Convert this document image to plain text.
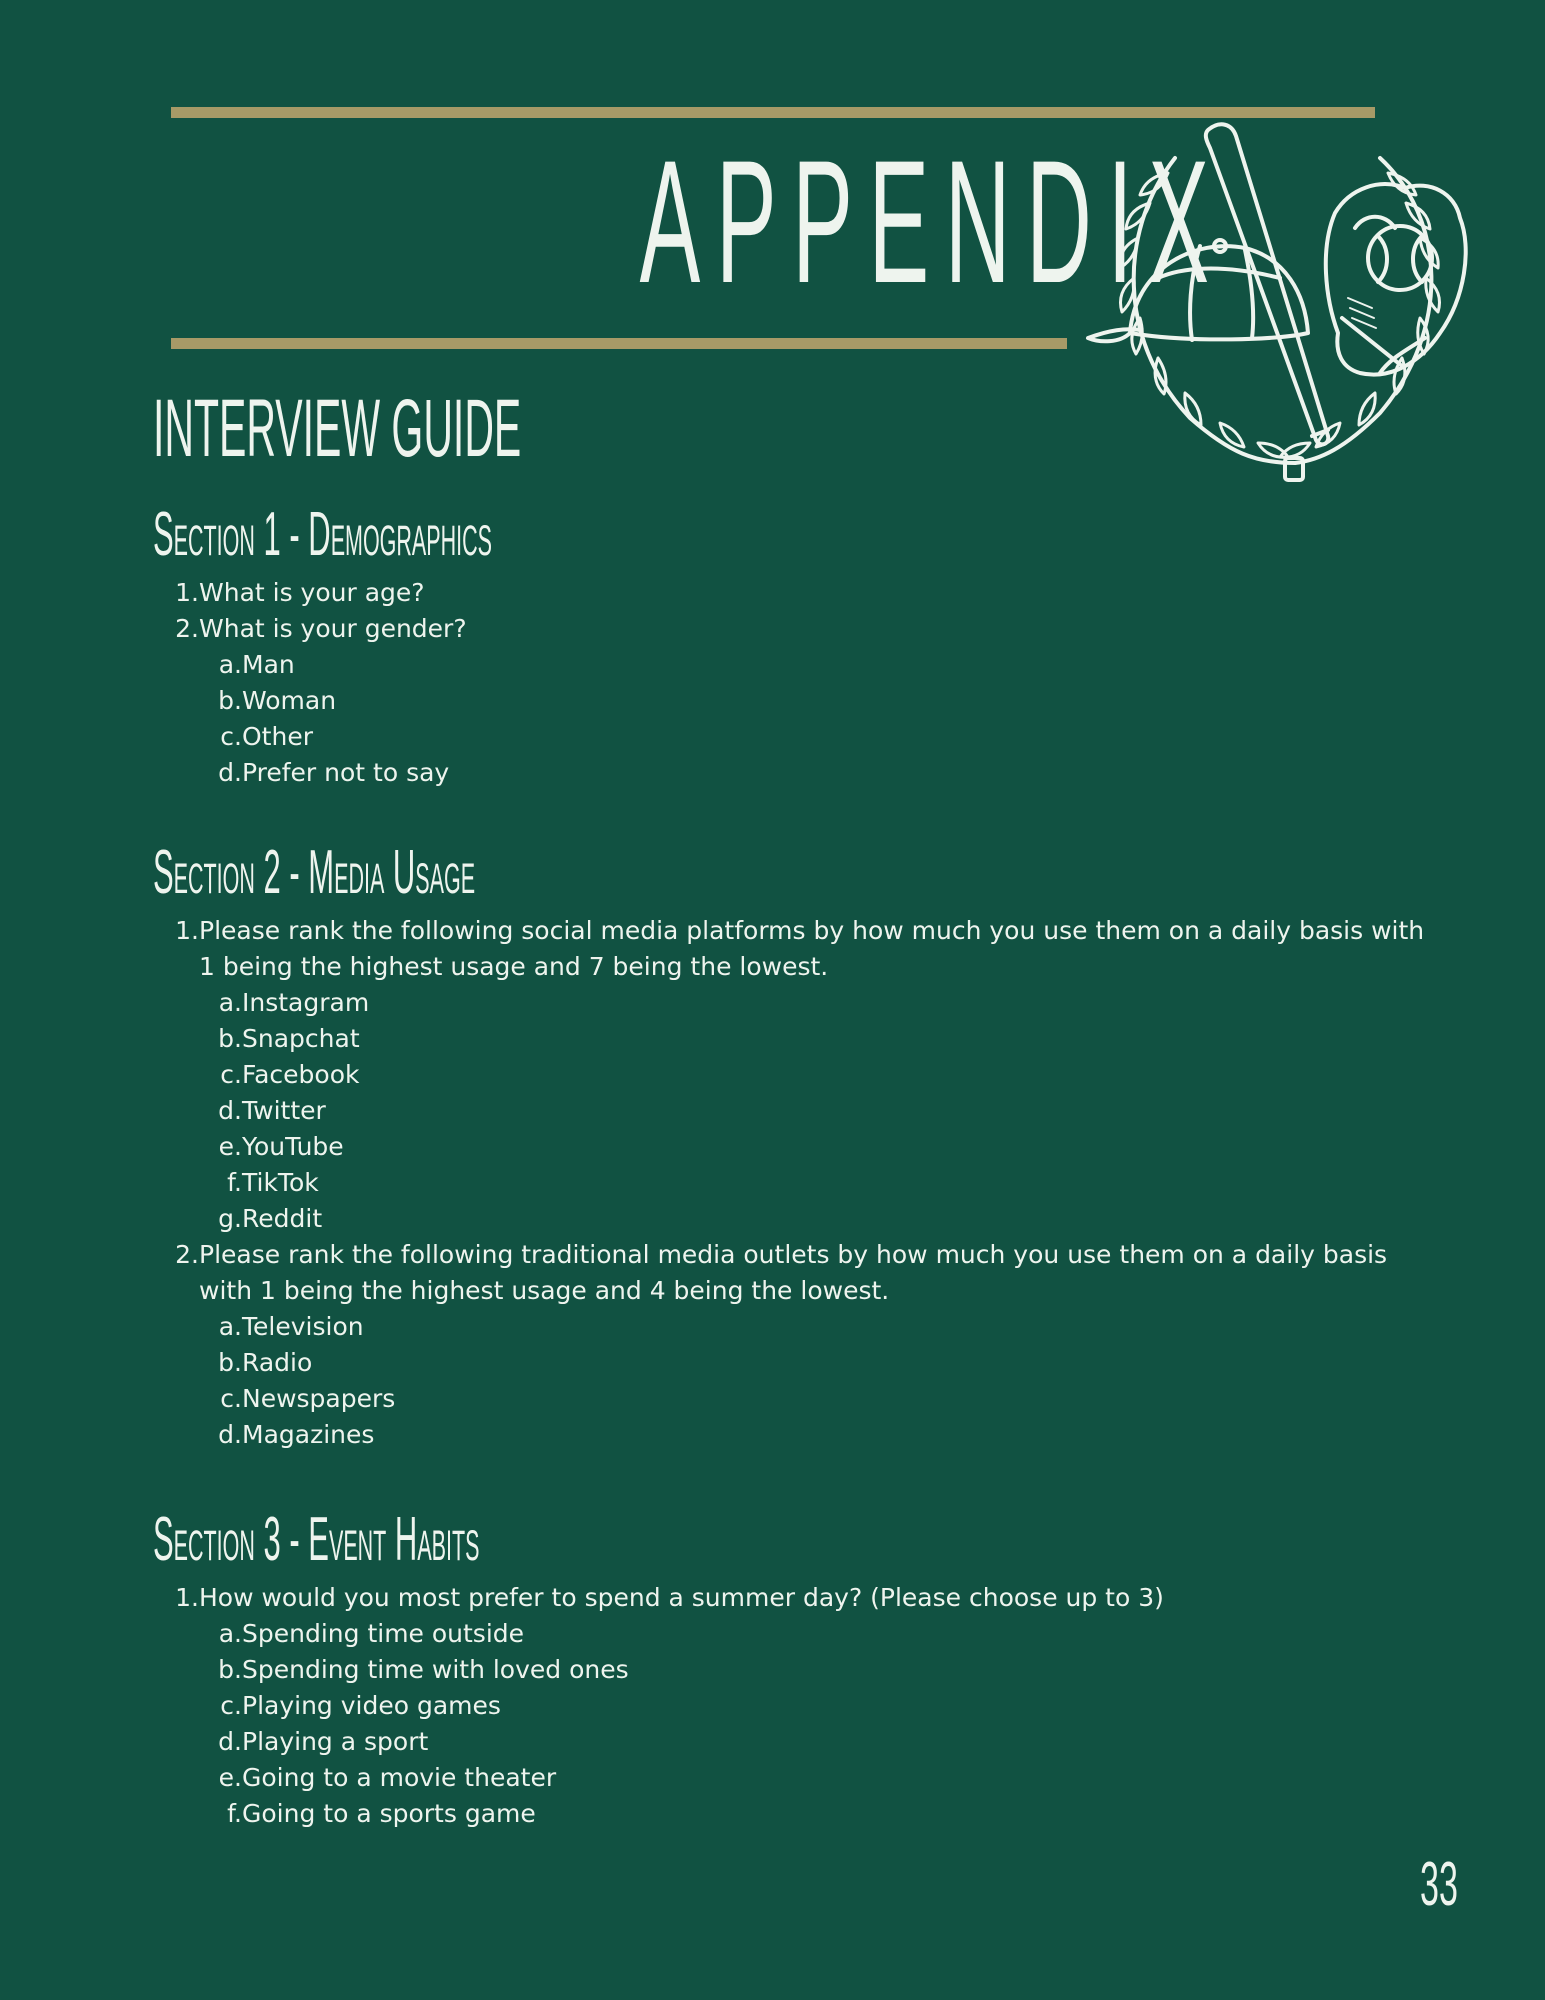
APPENDIX
INTERVIEW GUIDE
Section 1 - Demographics
1. What is your age?
2. What is your gender?
a. Man
b. Woman
c. Other
d. Prefer not to say
Section 2 - Media Usage
1. Please rank the following social media platforms by how much you use them on a daily basis with 1 being the highest usage and 7 being the lowest.
a. Instagram
b. Snapchat
c. Facebook
d. Twitter
e. YouTube
f. TikTok
g. Reddit
2. Please rank the following traditional media outlets by how much you use them on a daily basis with 1 being the highest usage and 4 being the lowest.
a. Television
b. Radio
c. Newspapers
d. Magazines
Section 3 - Event Habits
1. How would you most prefer to spend a summer day? (Please choose up to 3)
a. Spending time outside
b. Spending time with loved ones
c. Playing video games
d. Playing a sport
e. Going to a movie theater
f. Going to a sports game
33
